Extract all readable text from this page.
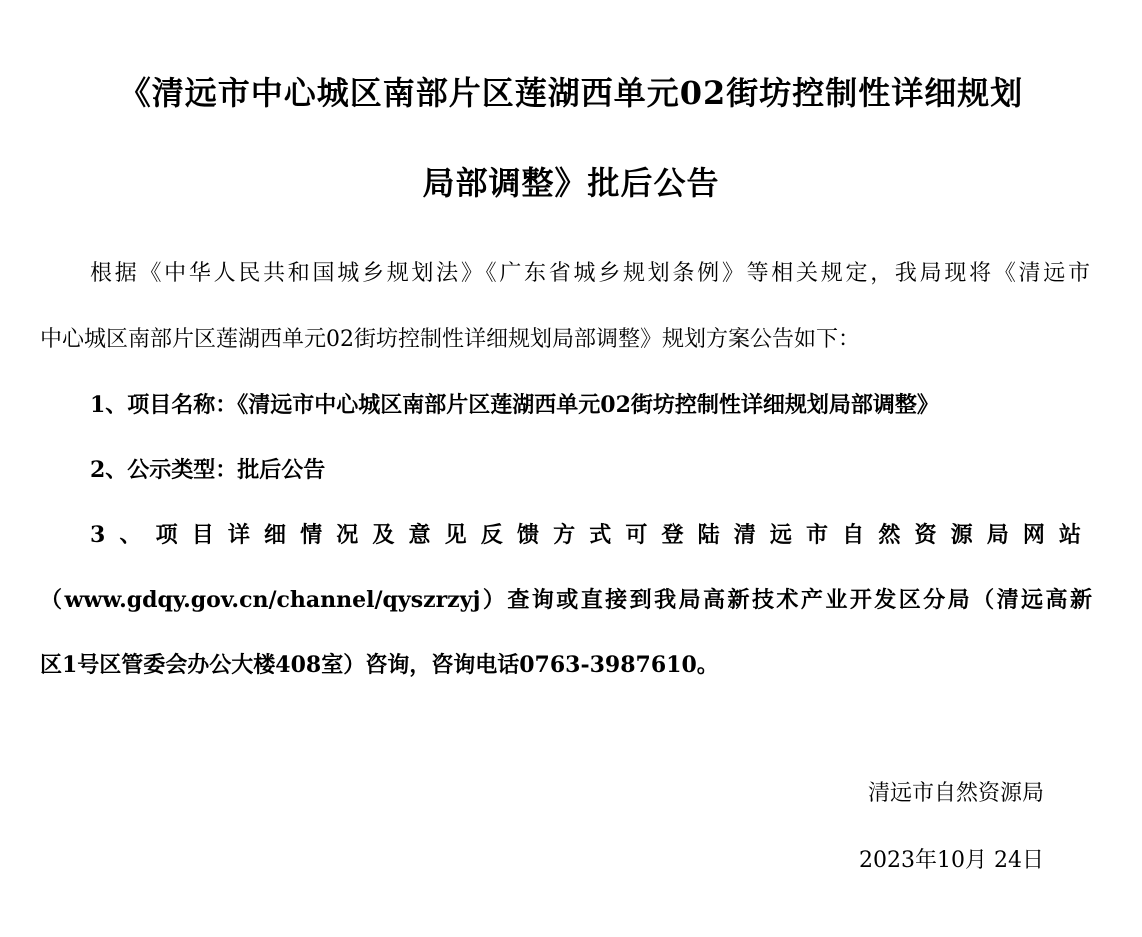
《清远市中心城区南部片区莲湖西单元02街坊控制性详细规划
局部调整》批后公告
根据《中华人民共和国城乡规划法》《广东省城乡规划条例》等相关规定，我局现将《清远市
中心城区南部片区莲湖西单元02街坊控制性详细规划局部调整》规划方案公告如下：
1、项目名称：《清远市中心城区南部片区莲湖西单元02街坊控制性详细规划局部调整》
2、公示类型：批后公告
3、项目详细情况及意见反馈方式可登陆清远市自然资源局网站
（www.gdqy.gov.cn/channel/qyszrzyj）查询或直接到我局高新技术产业开发区分局（清远高新
区1号区管委会办公大楼408室）咨询，咨询电话0763-3987610。
清远市自然资源局
2023年10月 24日
